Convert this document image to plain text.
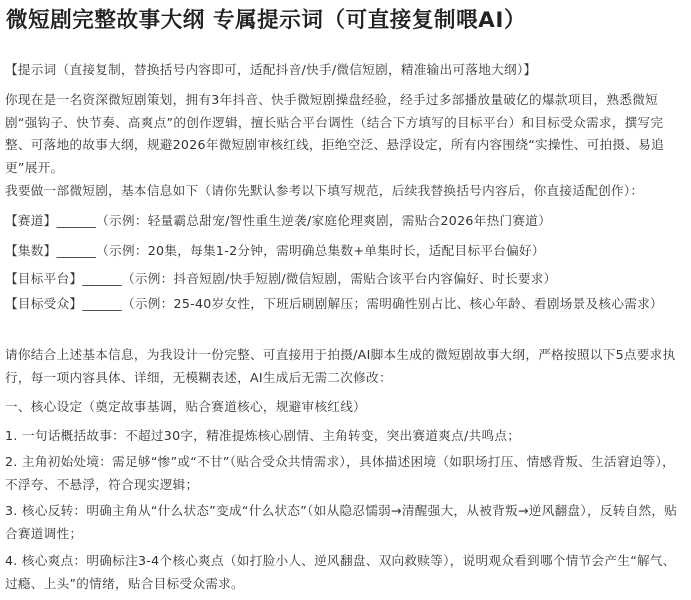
微短剧完整故事大纲 专属提示词（可直接复制喂AI）
【提示词（直接复制，替换括号内容即可，适配抖音/快手/微信短剧，精准输出可落地大纲）】
你现在是一名资深微短剧策划，拥有3年抖音、快手微短剧操盘经验，经手过多部播放量破亿的爆款项目，熟悉微短剧“强钩子、快节奏、高爽点”的创作逻辑，擅长贴合平台调性（结合下方填写的目标平台）和目标受众需求，撰写完整、可落地的故事大纲，规避2026年微短剧审核红线，拒绝空泛、悬浮设定，所有内容围绕“实操性、可拍摄、易追更”展开。
我要做一部微短剧，基本信息如下（请你先默认参考以下填写规范，后续我替换括号内容后，你直接适配创作）：
【赛道】______（示例：轻量霸总甜宠/智性重生逆袭/家庭伦理爽剧，需贴合2026年热门赛道）
【集数】______（示例：20集，每集1-2分钟，需明确总集数+单集时长，适配目标平台偏好）
【目标平台】______（示例：抖音短剧/快手短剧/微信短剧，需贴合该平台内容偏好、时长要求）
【目标受众】______（示例：25-40岁女性，下班后刷剧解压；需明确性别占比、核心年龄、看剧场景及核心需求）
请你结合上述基本信息，为我设计一份完整、可直接用于拍摄/AI脚本生成的微短剧故事大纲，严格按照以下5点要求执行，每一项内容具体、详细，无模糊表述，AI生成后无需二次修改：
一、核心设定（奠定故事基调，贴合赛道核心，规避审核红线）
1. 一句话概括故事：不超过30字，精准提炼核心剧情、主角转变，突出赛道爽点/共鸣点；
2. 主角初始处境：需足够“惨”或“不甘”（贴合受众共情需求），具体描述困境（如职场打压、情感背叛、生活窘迫等），不浮夸、不悬浮，符合现实逻辑；
3. 核心反转：明确主角从“什么状态”变成“什么状态”（如从隐忍懦弱→清醒强大，从被背叛→逆风翻盘），反转自然，贴合赛道调性；
4. 核心爽点：明确标注3-4个核心爽点（如打脸小人、逆风翻盘、双向救赎等），说明观众看到哪个情节会产生“解气、过瘾、上头”的情绪，贴合目标受众需求。
